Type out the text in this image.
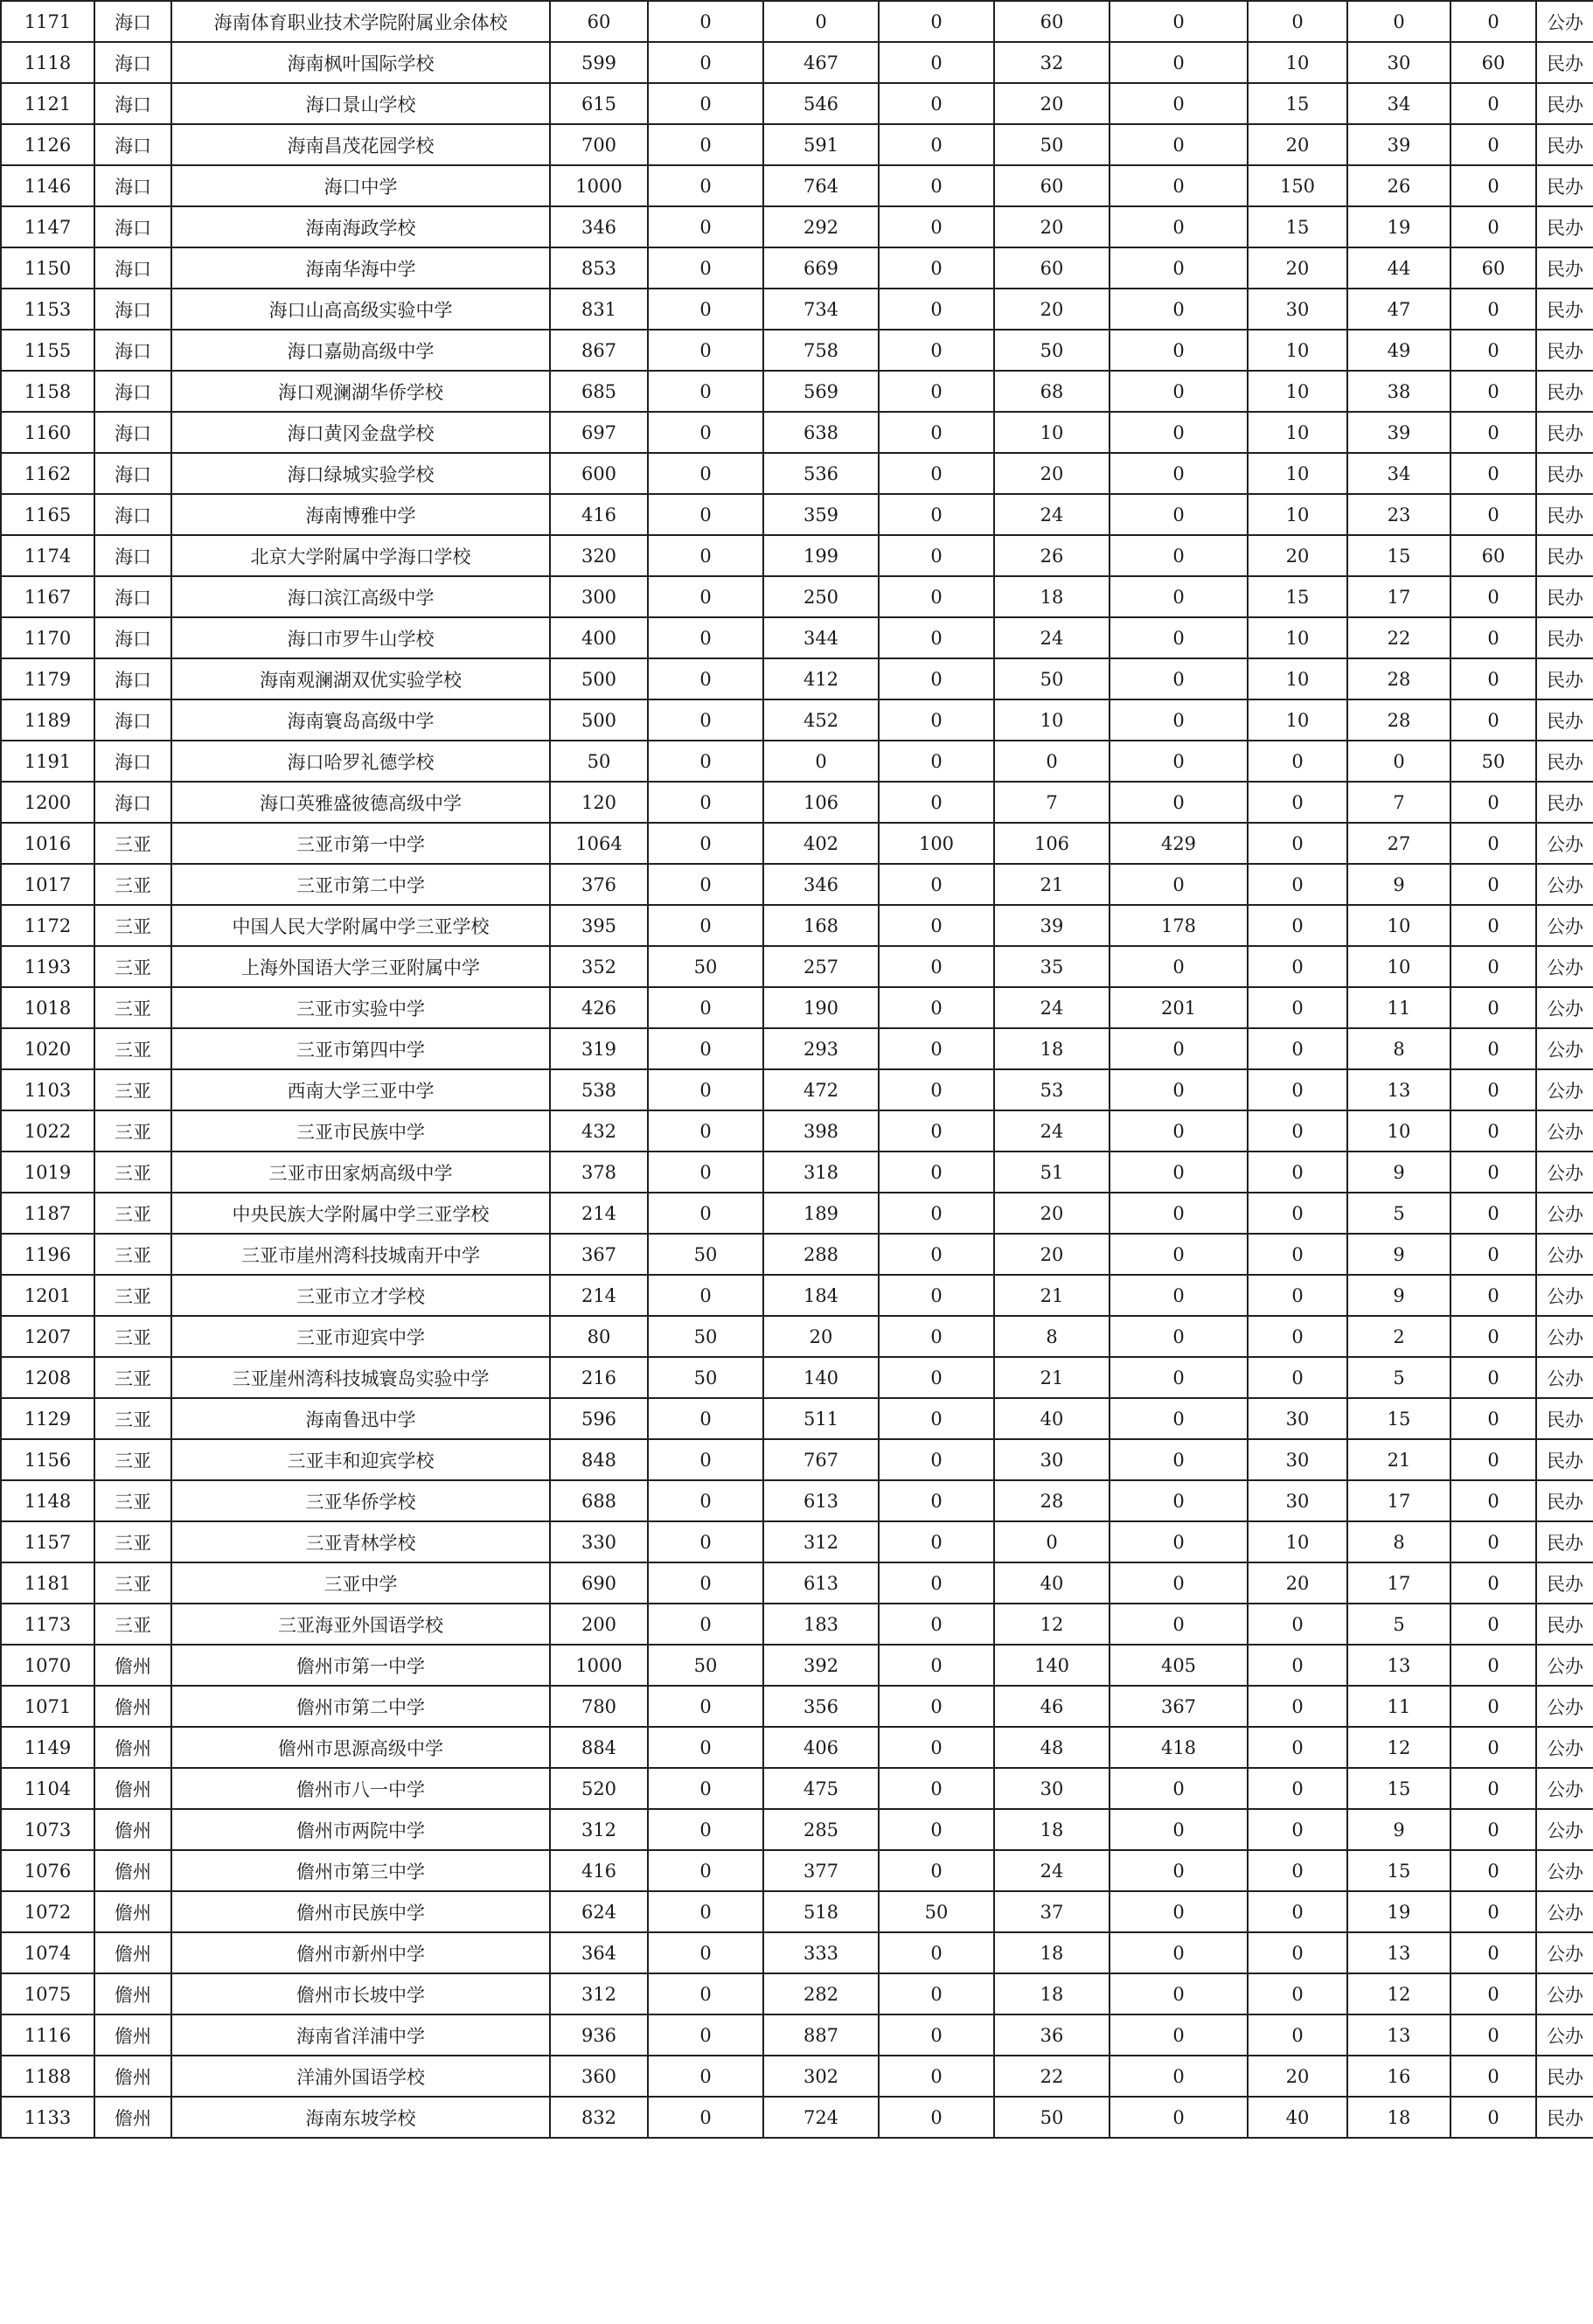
1171	海口	海南体育职业技术学院附属业余体校	60	0	0	0	60	0	0	0	0	公办
1118	海口	海南枫叶国际学校	599	0	467	0	32	0	10	30	60	民办
1121	海口	海口景山学校	615	0	546	0	20	0	15	34	0	民办
1126	海口	海南昌茂花园学校	700	0	591	0	50	0	20	39	0	民办
1146	海口	海口中学	1000	0	764	0	60	0	150	26	0	民办
1147	海口	海南海政学校	346	0	292	0	20	0	15	19	0	民办
1150	海口	海南华海中学	853	0	669	0	60	0	20	44	60	民办
1153	海口	海口山高高级实验中学	831	0	734	0	20	0	30	47	0	民办
1155	海口	海口嘉勋高级中学	867	0	758	0	50	0	10	49	0	民办
1158	海口	海口观澜湖华侨学校	685	0	569	0	68	0	10	38	0	民办
1160	海口	海口黄冈金盘学校	697	0	638	0	10	0	10	39	0	民办
1162	海口	海口绿城实验学校	600	0	536	0	20	0	10	34	0	民办
1165	海口	海南博雅中学	416	0	359	0	24	0	10	23	0	民办
1174	海口	北京大学附属中学海口学校	320	0	199	0	26	0	20	15	60	民办
1167	海口	海口滨江高级中学	300	0	250	0	18	0	15	17	0	民办
1170	海口	海口市罗牛山学校	400	0	344	0	24	0	10	22	0	民办
1179	海口	海南观澜湖双优实验学校	500	0	412	0	50	0	10	28	0	民办
1189	海口	海南寰岛高级中学	500	0	452	0	10	0	10	28	0	民办
1191	海口	海口哈罗礼德学校	50	0	0	0	0	0	0	0	50	民办
1200	海口	海口英雅盛彼德高级中学	120	0	106	0	7	0	0	7	0	民办
1016	三亚	三亚市第一中学	1064	0	402	100	106	429	0	27	0	公办
1017	三亚	三亚市第二中学	376	0	346	0	21	0	0	9	0	公办
1172	三亚	中国人民大学附属中学三亚学校	395	0	168	0	39	178	0	10	0	公办
1193	三亚	上海外国语大学三亚附属中学	352	50	257	0	35	0	0	10	0	公办
1018	三亚	三亚市实验中学	426	0	190	0	24	201	0	11	0	公办
1020	三亚	三亚市第四中学	319	0	293	0	18	0	0	8	0	公办
1103	三亚	西南大学三亚中学	538	0	472	0	53	0	0	13	0	公办
1022	三亚	三亚市民族中学	432	0	398	0	24	0	0	10	0	公办
1019	三亚	三亚市田家炳高级中学	378	0	318	0	51	0	0	9	0	公办
1187	三亚	中央民族大学附属中学三亚学校	214	0	189	0	20	0	0	5	0	公办
1196	三亚	三亚市崖州湾科技城南开中学	367	50	288	0	20	0	0	9	0	公办
1201	三亚	三亚市立才学校	214	0	184	0	21	0	0	9	0	公办
1207	三亚	三亚市迎宾中学	80	50	20	0	8	0	0	2	0	公办
1208	三亚	三亚崖州湾科技城寰岛实验中学	216	50	140	0	21	0	0	5	0	公办
1129	三亚	海南鲁迅中学	596	0	511	0	40	0	30	15	0	民办
1156	三亚	三亚丰和迎宾学校	848	0	767	0	30	0	30	21	0	民办
1148	三亚	三亚华侨学校	688	0	613	0	28	0	30	17	0	民办
1157	三亚	三亚青林学校	330	0	312	0	0	0	10	8	0	民办
1181	三亚	三亚中学	690	0	613	0	40	0	20	17	0	民办
1173	三亚	三亚海亚外国语学校	200	0	183	0	12	0	0	5	0	民办
1070	儋州	儋州市第一中学	1000	50	392	0	140	405	0	13	0	公办
1071	儋州	儋州市第二中学	780	0	356	0	46	367	0	11	0	公办
1149	儋州	儋州市思源高级中学	884	0	406	0	48	418	0	12	0	公办
1104	儋州	儋州市八一中学	520	0	475	0	30	0	0	15	0	公办
1073	儋州	儋州市两院中学	312	0	285	0	18	0	0	9	0	公办
1076	儋州	儋州市第三中学	416	0	377	0	24	0	0	15	0	公办
1072	儋州	儋州市民族中学	624	0	518	50	37	0	0	19	0	公办
1074	儋州	儋州市新州中学	364	0	333	0	18	0	0	13	0	公办
1075	儋州	儋州市长坡中学	312	0	282	0	18	0	0	12	0	公办
1116	儋州	海南省洋浦中学	936	0	887	0	36	0	0	13	0	公办
1188	儋州	洋浦外国语学校	360	0	302	0	22	0	20	16	0	民办
1133	儋州	海南东坡学校	832	0	724	0	50	0	40	18	0	民办
